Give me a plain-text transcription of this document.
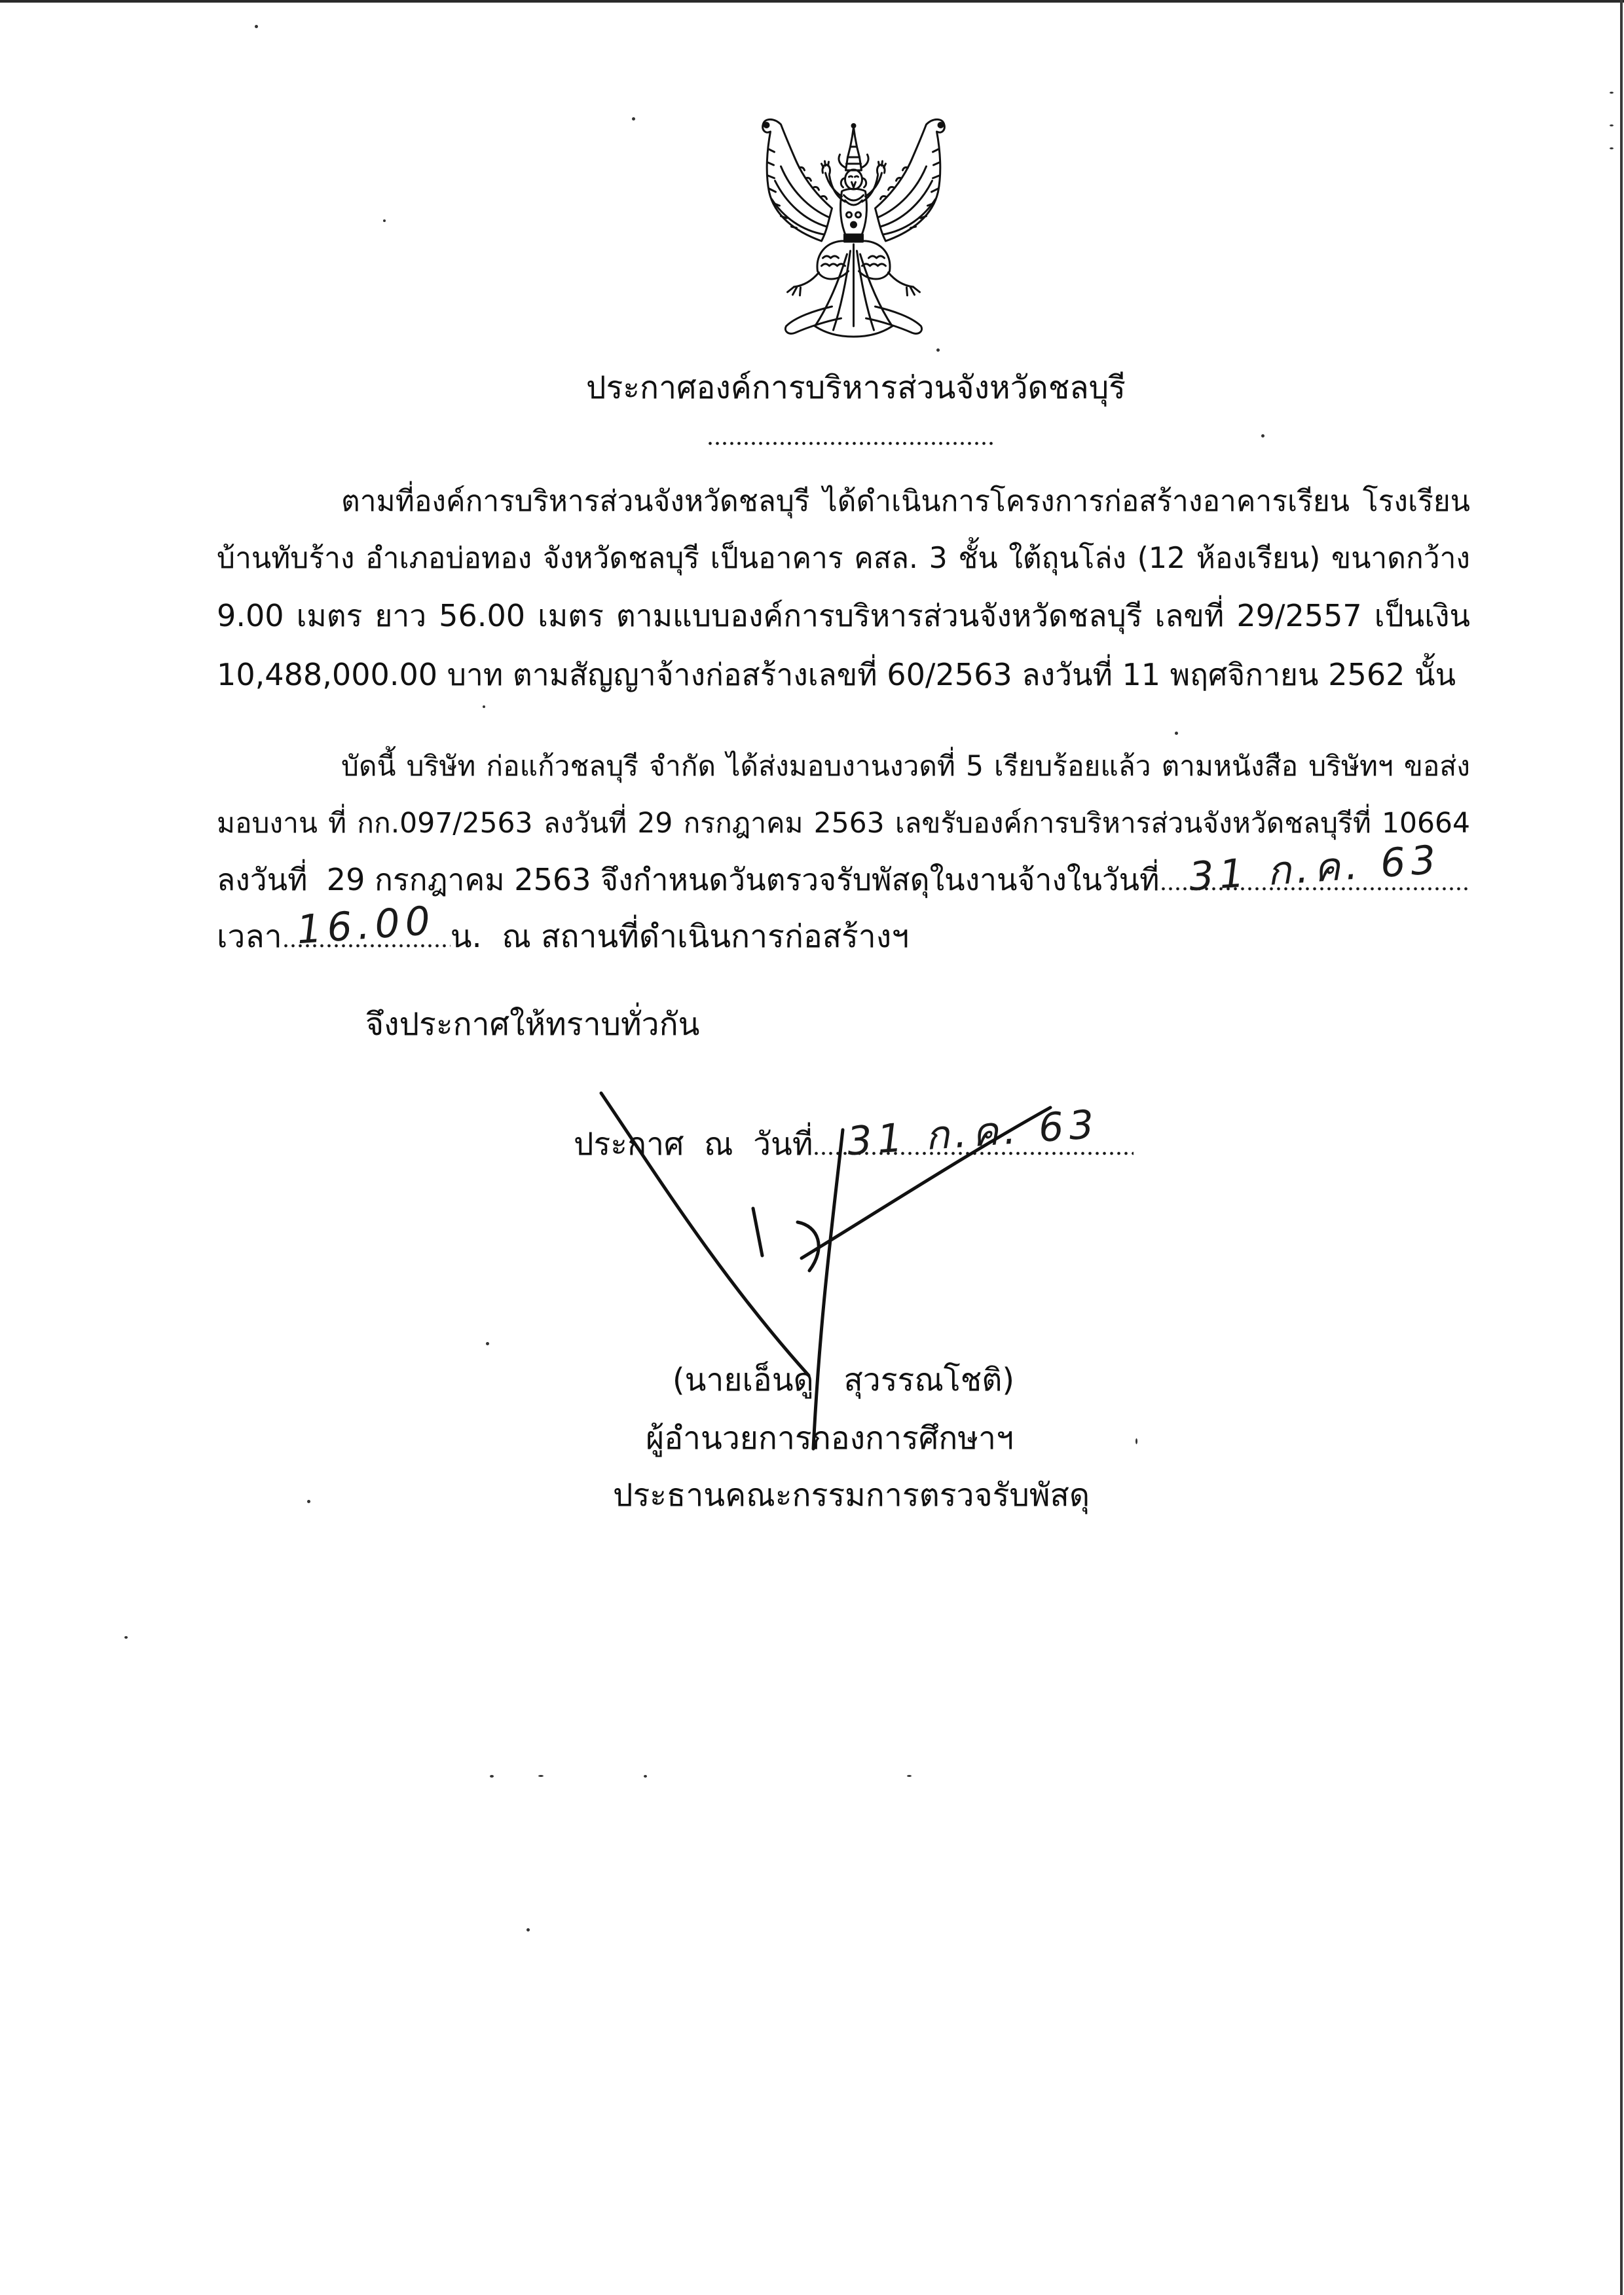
ประกาศองค์การบริหารส่วนจังหวัดชลบุรี
ตามที่องค์การบริหารส่วนจังหวัดชลบุรี ได้ดำเนินการโครงการก่อสร้างอาคารเรียน โรงเรียน
บ้านทับร้าง อำเภอบ่อทอง จังหวัดชลบุรี เป็นอาคาร คสล. 3 ชั้น ใต้ถุนโล่ง (12 ห้องเรียน) ขนาดกว้าง
9.00 เมตร ยาว 56.00 เมตร ตามแบบองค์การบริหารส่วนจังหวัดชลบุรี เลขที่ 29/2557 เป็นเงิน
10,488,000.00 บาท ตามสัญญาจ้างก่อสร้างเลขที่ 60/2563 ลงวันที่ 11 พฤศจิกายน 2562 นั้น
บัดนี้ บริษัท ก่อแก้วชลบุรี จำกัด ได้ส่งมอบงานงวดที่ 5 เรียบร้อยแล้ว ตามหนังสือ บริษัทฯ ขอส่ง
มอบงาน ที่ กก.097/2563 ลงวันที่ 29 กรกฎาคม 2563 เลขรับองค์การบริหารส่วนจังหวัดชลบุรีที่ 10664
ลงวันที่  29 กรกฎาคม 2563 จึงกำหนดวันตรวจรับพัสดุในงานจ้างในวันที่

31 ก.ค. 63

เวลา

16.00

น.  ณ สถานที่ดำเนินการก่อสร้างฯ
จึงประกาศให้ทราบทั่วกัน
ประกาศ  ณ  วันที่

31 ก.ค. 63

(นายเอ็นดู   สุวรรณโชติ)
ผู้อำนวยการกองการศึกษาฯ
ประธานคณะกรรมการตรวจรับพัสดุ
